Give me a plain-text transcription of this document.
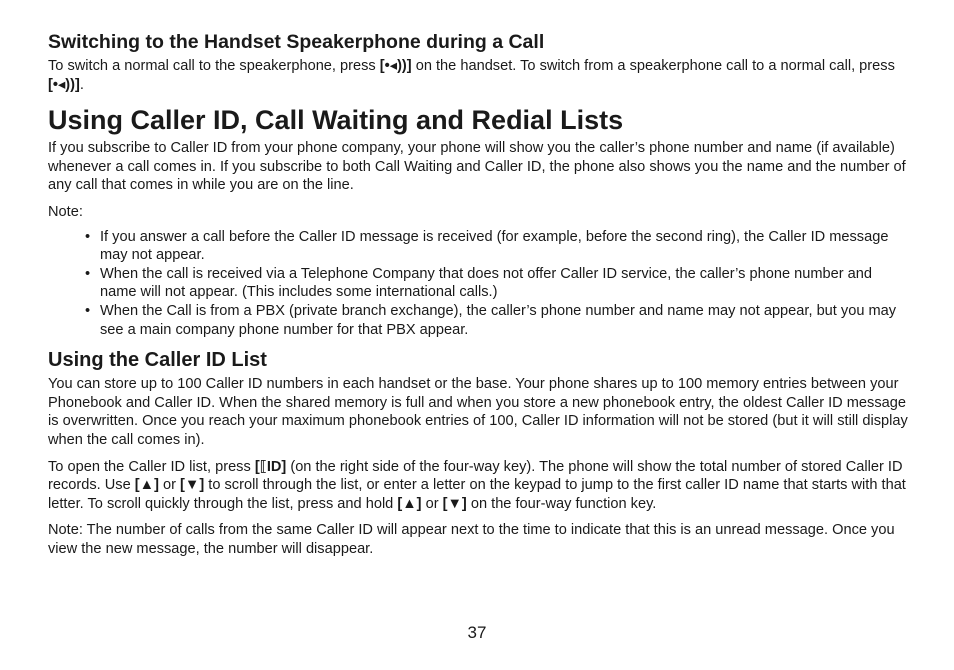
Switching to the Handset Speakerphone during a Call

To switch a normal call to the speakerphone, press [•◂))] on the handset. To switch from a speakerphone call to a normal call, press [•◂))].

Using Caller ID, Call Waiting and Redial Lists

If you subscribe to Caller ID from your phone company, your phone will show you the caller’s phone number and name (if available) whenever a call comes in. If you subscribe to both Call Waiting and Caller ID, the phone also shows you the name and the number of any call that comes in while you are on the line.

Note:

• If you answer a call before the Caller ID message is received (for example, before the second ring), the Caller ID message may not appear.
• When the call is received via a Telephone Company that does not offer Caller ID service, the caller’s phone number and name will not appear. (This includes some international calls.)
• When the Call is from a PBX (private branch exchange), the caller’s phone number and name may not appear, but you may see a main company phone number for that PBX appear.
Using the Caller ID List

You can store up to 100 Caller ID numbers in each handset or the base. Your phone shares up to 100 memory entries between your Phonebook and Caller ID. When the shared memory is full and when you store a new phonebook entry, the oldest Caller ID message is overwritten. Once you reach your maximum phonebook entries of 100, Caller ID information will not be stored (but it will still display when the call comes in).

To open the Caller ID list, press [⟦ID] (on the right side of the four-way key). The phone will show the total number of stored Caller ID records. Use [▲] or [▼] to scroll through the list, or enter a letter on the keypad to jump to the first caller ID name that starts with that letter. To scroll quickly through the list, press and hold [▲] or [▼] on the four-way function key.

Note: The number of calls from the same Caller ID will appear next to the time to indicate that this is an unread message. Once you view the new message, the number will disappear.

37
